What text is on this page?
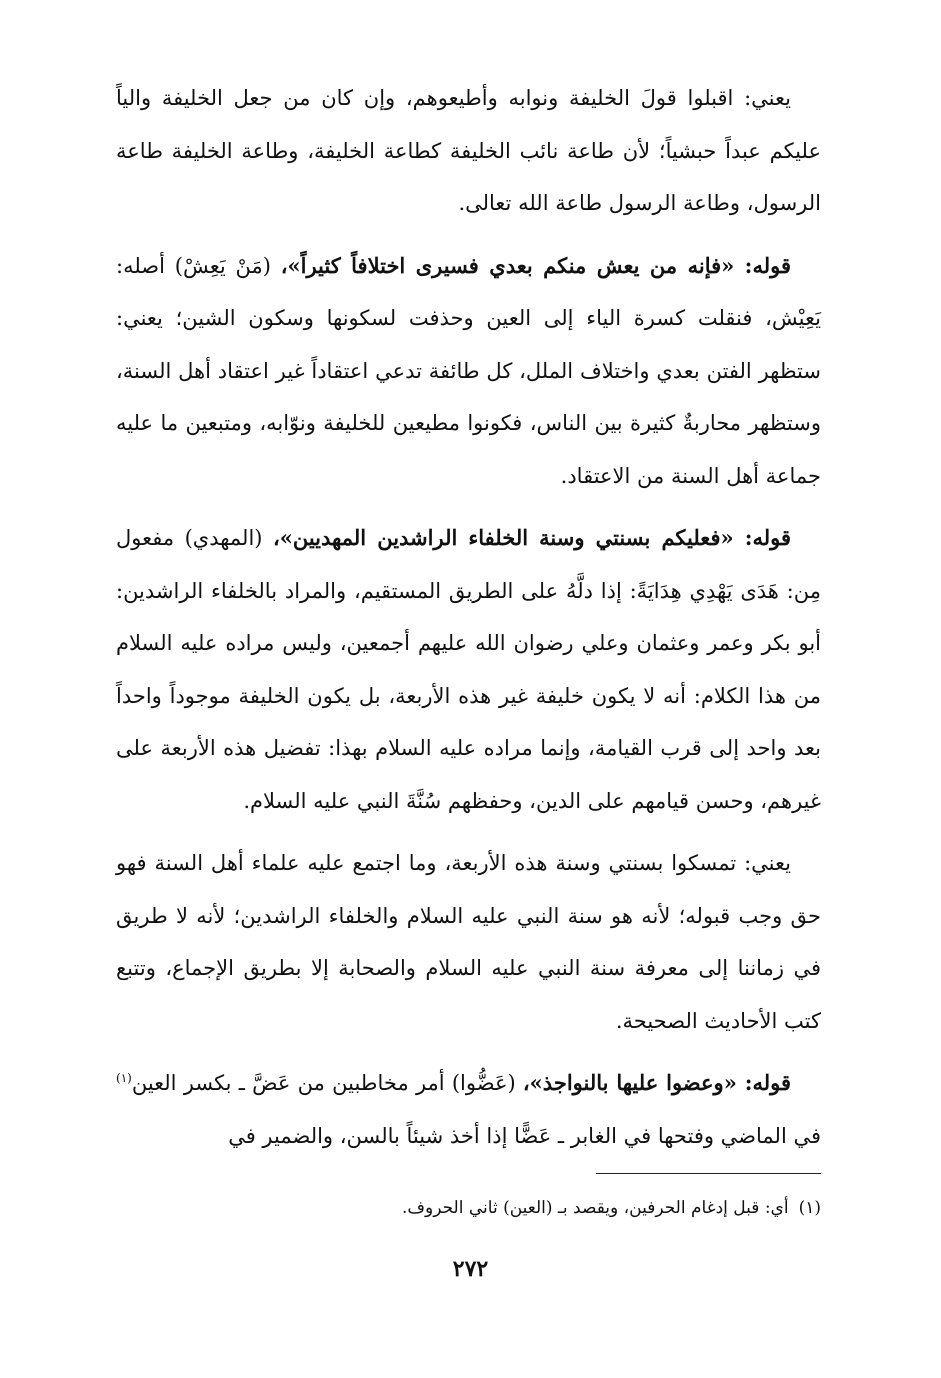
يعني: اقبلوا قولَ الخليفة ونوابه وأطيعوهم، وإن كان من جعل الخليفة والياً عليكم عبداً حبشياً؛ لأن طاعة نائب الخليفة كطاعة الخليفة، وطاعة الخليفة طاعة الرسول، وطاعة الرسول طاعة الله تعالى.

قوله: «فإنه من يعش منكم بعدي فسيرى اختلافاً كثيراً»، (مَنْ يَعِشْ) أصله: يَعِيْش، فنقلت كسرة الياء إلى العين وحذفت لسكونها وسكون الشين؛ يعني: ستظهر الفتن بعدي واختلاف الملل، كل طائفة تدعي اعتقاداً غير اعتقاد أهل السنة، وستظهر محاربةٌ كثيرة بين الناس، فكونوا مطيعين للخليفة ونوّابه، ومتبعين ما عليه جماعة أهل السنة من الاعتقاد.

قوله: «فعليكم بسنتي وسنة الخلفاء الراشدين المهديين»، (المهدي) مفعول مِن: هَدَى يَهْدِي هِدَايَةً: إذا دلَّهُ على الطريق المستقيم، والمراد بالخلفاء الراشدين: أبو بكر وعمر وعثمان وعلي رضوان الله عليهم أجمعين، وليس مراده عليه السلام من هذا الكلام: أنه لا يكون خليفة غير هذه الأربعة، بل يكون الخليفة موجوداً واحداً بعد واحد إلى قرب القيامة، وإنما مراده عليه السلام بهذا: تفضيل هذه الأربعة على غيرهم، وحسن قيامهم على الدين، وحفظهم سُنَّةَ النبي عليه السلام.

يعني: تمسكوا بسنتي وسنة هذه الأربعة، وما اجتمع عليه علماء أهل السنة فهو حق وجب قبوله؛ لأنه هو سنة النبي عليه السلام والخلفاء الراشدين؛ لأنه لا طريق في زماننا إلى معرفة سنة النبي عليه السلام والصحابة إلا بطريق الإجماع، وتتبع كتب الأحاديث الصحيحة.

قوله: «وعضوا عليها بالنواجذ»، (عَضُّوا) أمر مخاطبين من عَضَّ ـ بكسر العين$^{(١)}$ في الماضي وفتحها في الغابر ـ عَضًّا إذا أخذ شيئاً بالسن، والضمير في

(١)أي: قبل إدغام الحرفين، ويقصد بـ (العين) ثاني الحروف.
٢٧٢
